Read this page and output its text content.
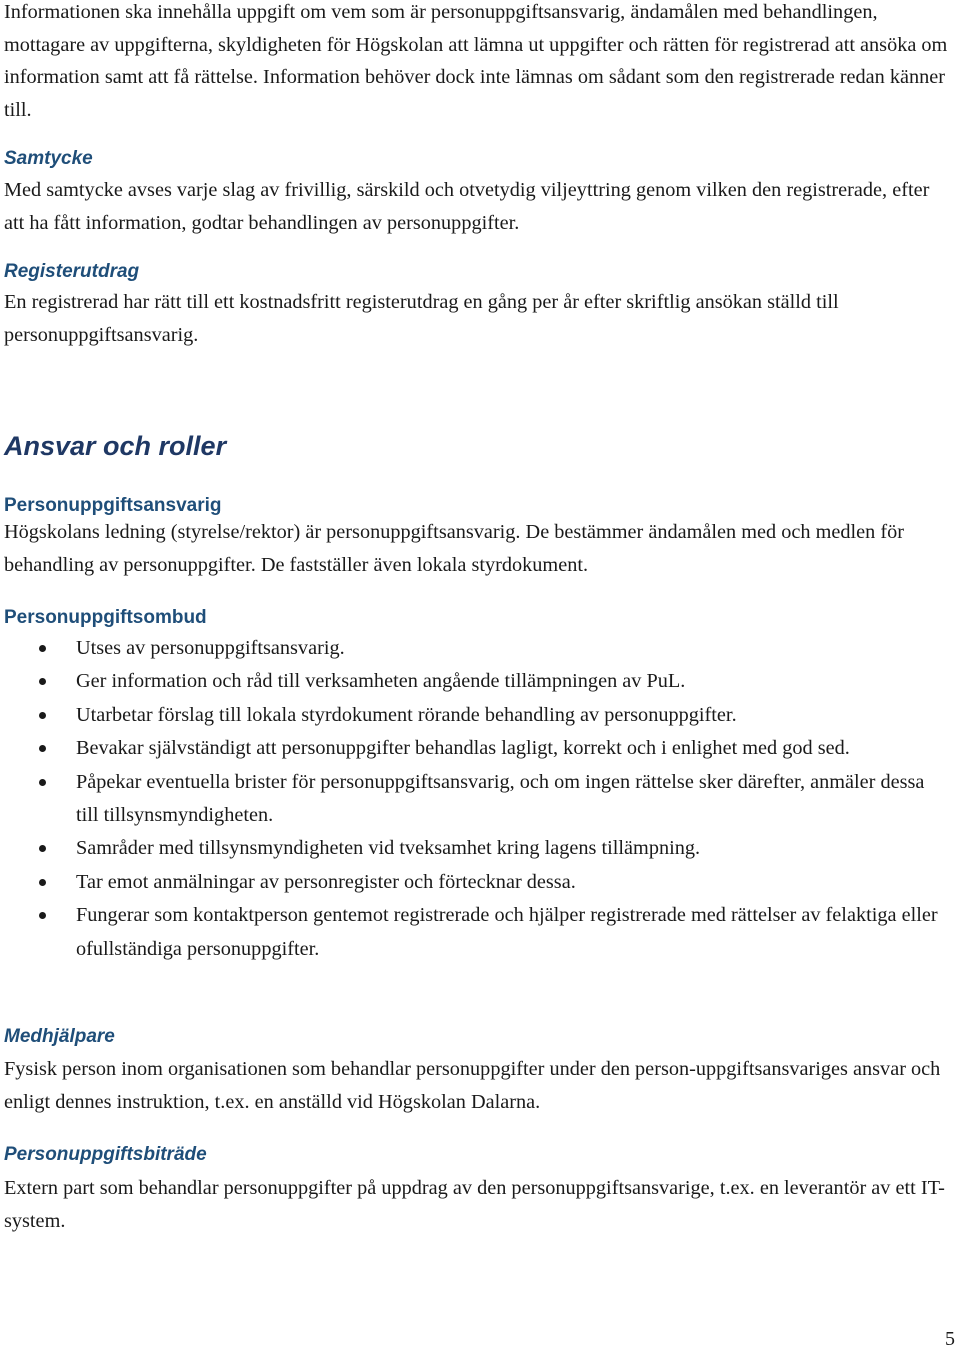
Informationen ska innehålla uppgift om vem som är personuppgiftsansvarig, ändamålen med behandlingen, mottagare av uppgifterna, skyldigheten för Högskolan att lämna ut uppgifter och rätten för registrerad att ansöka om information samt att få rättelse. Information behöver dock inte lämnas om sådant som den registrerade redan känner till.

Samtycke

Med samtycke avses varje slag av frivillig, särskild och otvetydig viljeyttring genom vilken den registrerade, efter att ha fått information, godtar behandlingen av personuppgifter.

Registerutdrag

En registrerad har rätt till ett kostnadsfritt registerutdrag en gång per år efter skriftlig ansökan ställd till personuppgiftsansvarig.

Ansvar och roller
Personuppgiftsansvarig

Högskolans ledning (styrelse/rektor) är personuppgiftsansvarig. De bestämmer ändamålen med och medlen för behandling av personuppgifter. De fastställer även lokala styrdokument.

Personuppgiftsombud
Utses av personuppgiftsansvarig.
Ger information och råd till verksamheten angående tillämpningen av PuL.
Utarbetar förslag till lokala styrdokument rörande behandling av personuppgifter.
Bevakar självständigt att personuppgifter behandlas lagligt, korrekt och i enlighet med god sed.
Påpekar eventuella brister för personuppgiftsansvarig, och om ingen rättelse sker därefter, anmäler dessa till tillsynsmyndigheten.
Samråder med tillsynsmyndigheten vid tveksamhet kring lagens tillämpning.
Tar emot anmälningar av personregister och förtecknar dessa.
Fungerar som kontaktperson gentemot registrerade och hjälper registrerade med rättelser av felaktiga eller ofullständiga personuppgifter.
Medhjälpare

Fysisk person inom organisationen som behandlar personuppgifter under den person-uppgiftsansvariges ansvar och enligt dennes instruktion, t.ex. en anställd vid Högskolan Dalarna.

Personuppgiftsbiträde

Extern part som behandlar personuppgifter på uppdrag av den personuppgiftsansvarige, t.ex. en leverantör av ett IT-system.

5
